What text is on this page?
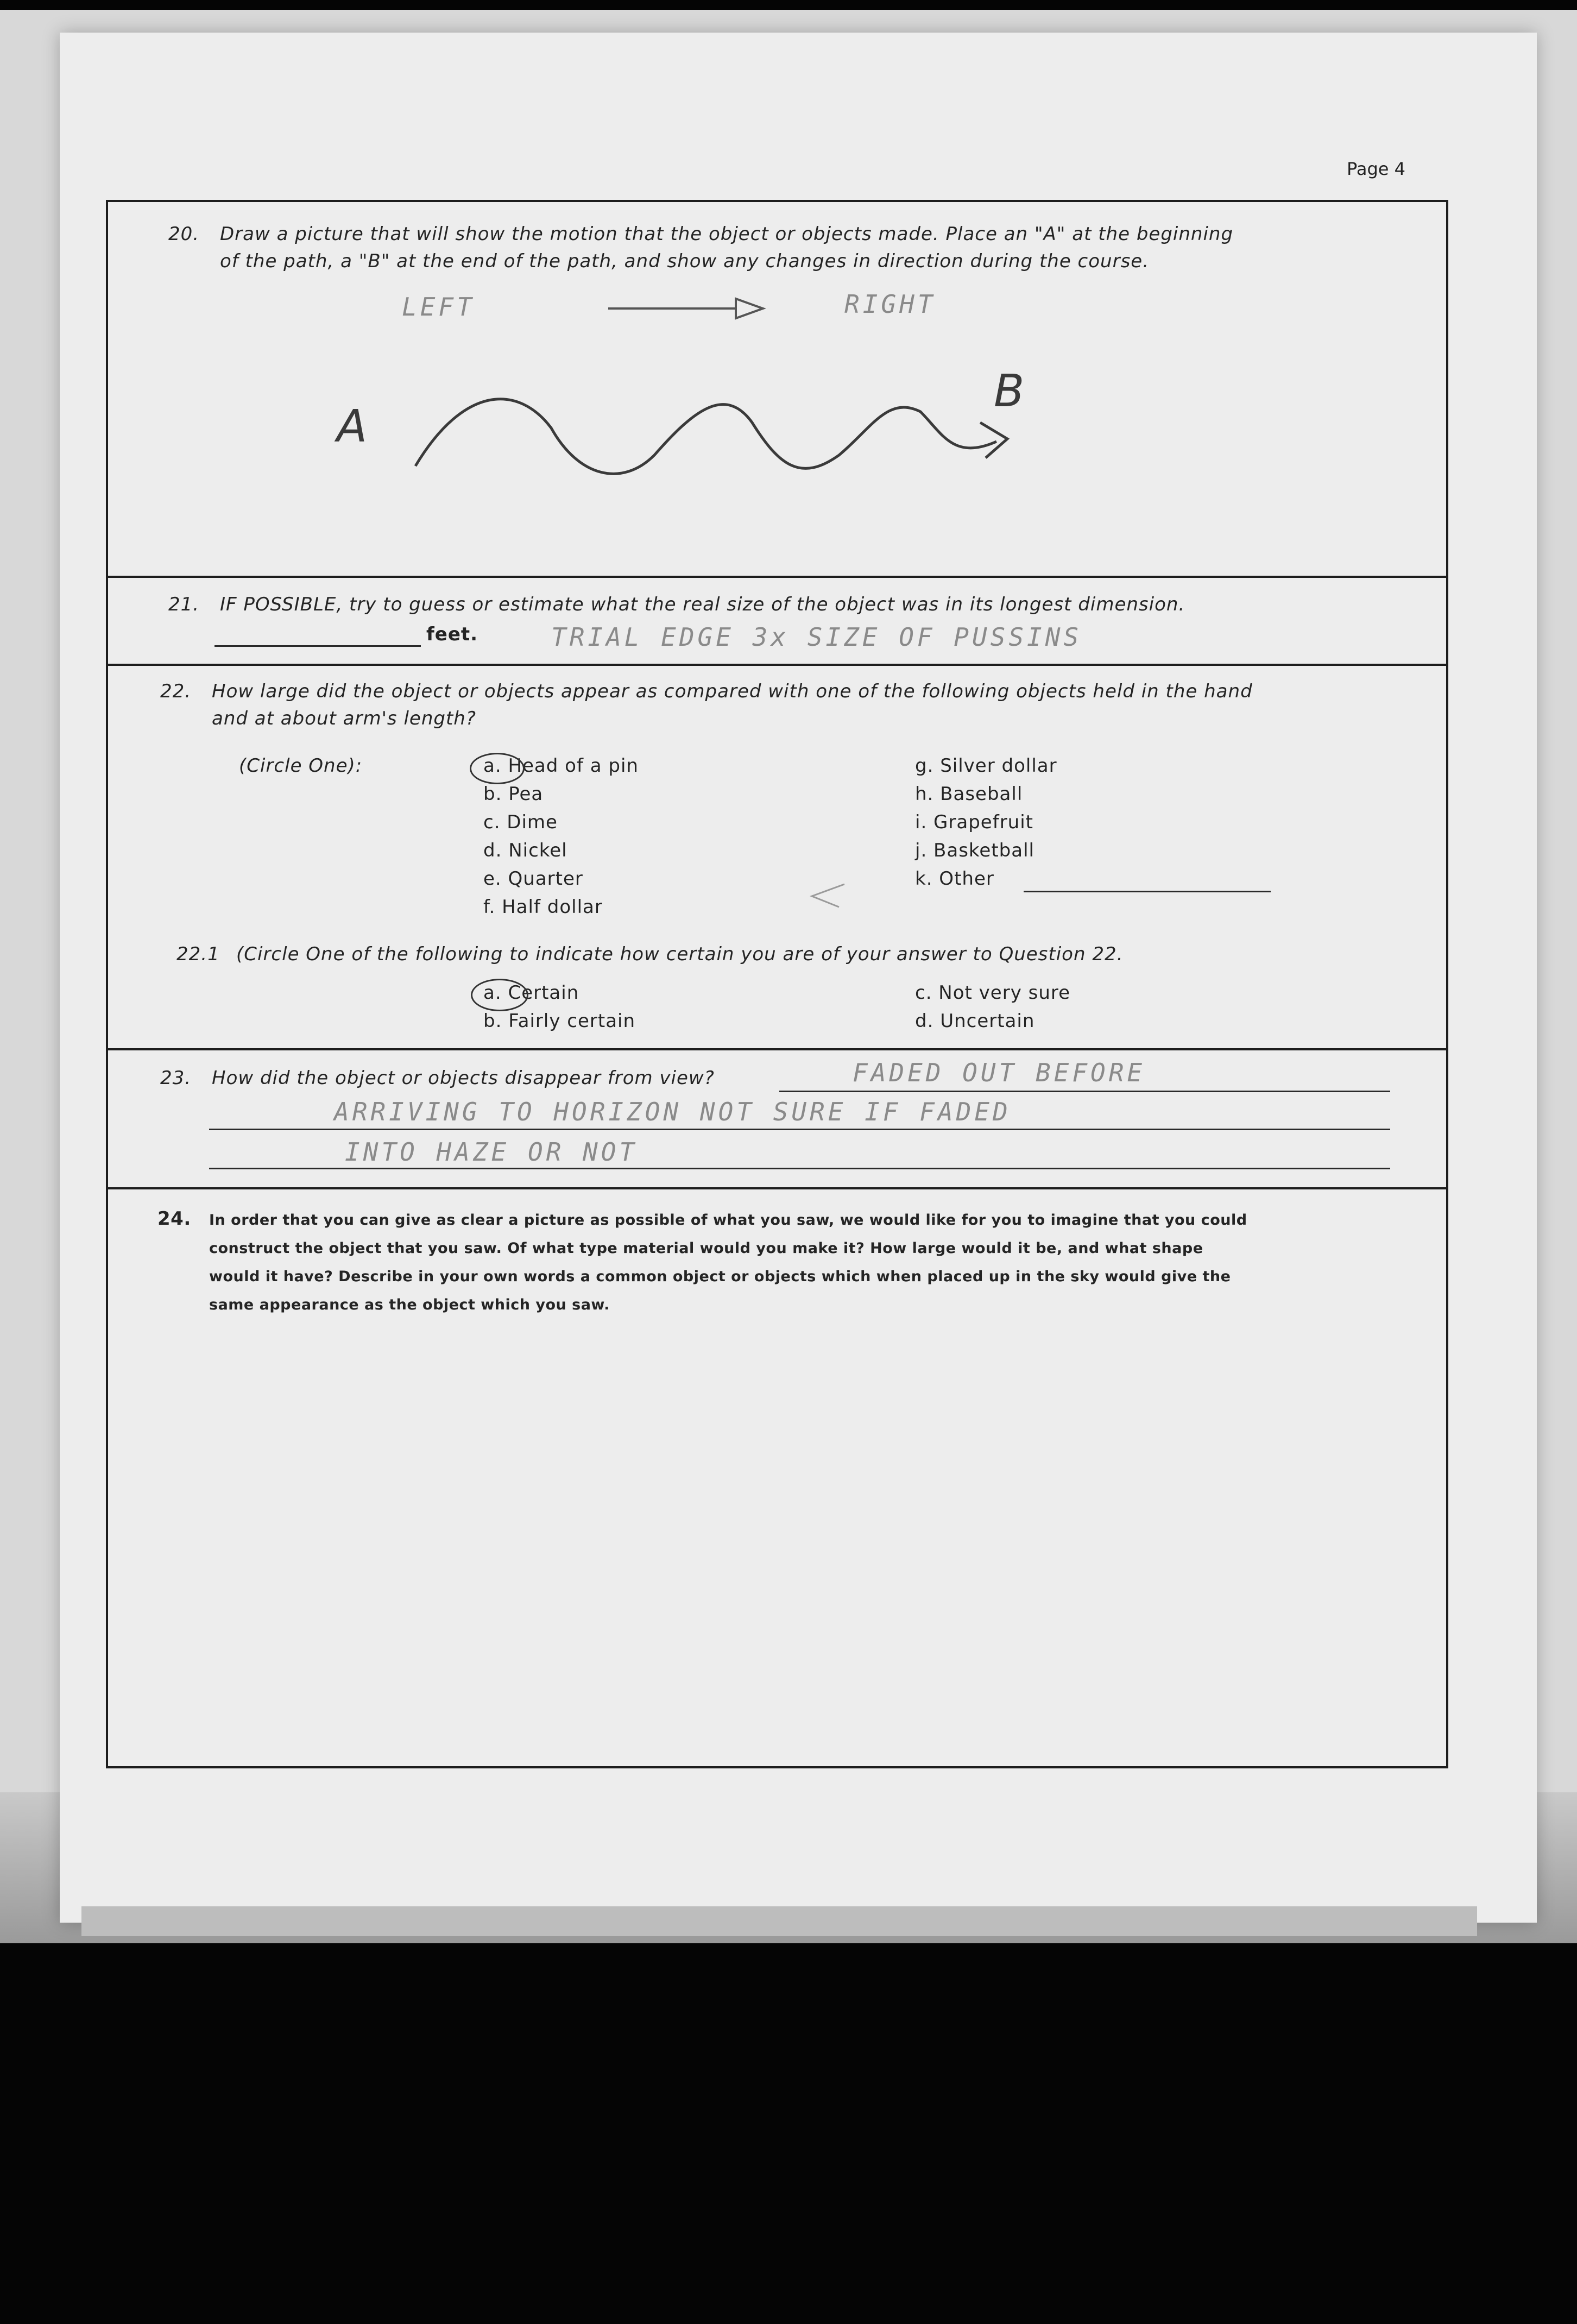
Page 4
20. Draw a picture that will show the motion that the object or objects made. Place an "A" at the beginning
of the path, a "B" at the end of the path, and show any changes in direction during the course.
LEFT	RIGHT
A
B
21. IF POSSIBLE, try to guess or estimate what the real size of the object was in its longest dimension.
feet.	TRIAL EDGE 3x SIZE OF PUSSINS
22. How large did the object or objects appear as compared with one of the following objects held in the hand
and at about arm's length?
(Circle One):	a. Head of a pin
b. Pea
c. Dime
d. Nickel
e. Quarter
f. Half dollar
g. Silver dollar
h. Baseball
i. Grapefruit
j. Basketball
k. Other
22.1 (Circle One of the following to indicate how certain you are of your answer to Question 22.
a. Certain
b. Fairly certain
c. Not very sure
d. Uncertain
23. How did the object or objects disappear from view?	FADED OUT BEFORE
ARRIVING TO HORIZON NOT SURE IF FADED
INTO HAZE OR NOT
24. In order that you can give as clear a picture as possible of what you saw, we would like for you to imagine that you could
construct the object that you saw. Of what type material would you make it? How large would it be, and what shape
would it have? Describe in your own words a common object or objects which when placed up in the sky would give the
same appearance as the object which you saw.
